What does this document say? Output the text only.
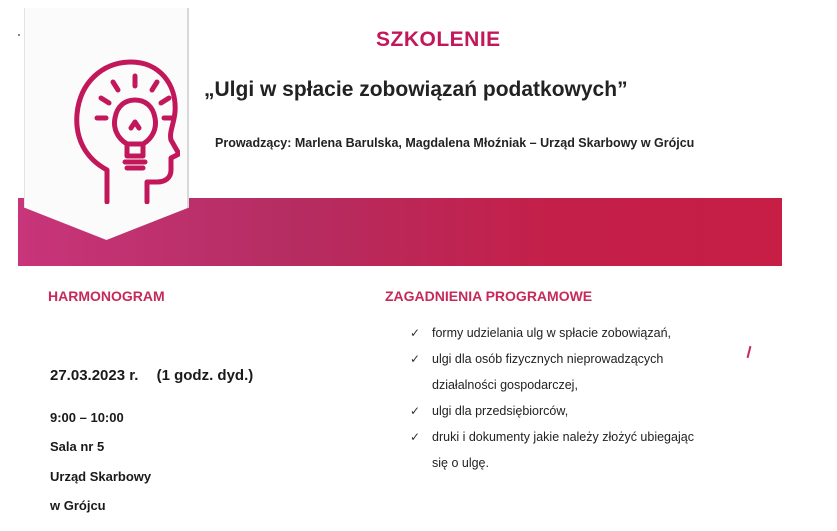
SZKOLENIE
„Ulgi w spłacie zobowiązań podatkowych”

Prowadzący: Marlena Barulska, Magdalena Młoźniak – Urząd Skarbowy w Grójcu

HARMONOGRAM	ZAGADNIENIA PROGRAMOWE
27.03.2023 r. (1 godz. dyd.)
9:00 – 10:00
Sala nr 5
Urząd Skarbowy
w Grójcu
✓ formy udzielania ulg w spłacie zobowiązań,
✓ ulgi dla osób fizycznych nieprowadzących
działalności gospodarczej,
✓ ulgi dla przedsiębiorców,
✓ druki i dokumenty jakie należy złożyć ubiegając
się o ulgę.
